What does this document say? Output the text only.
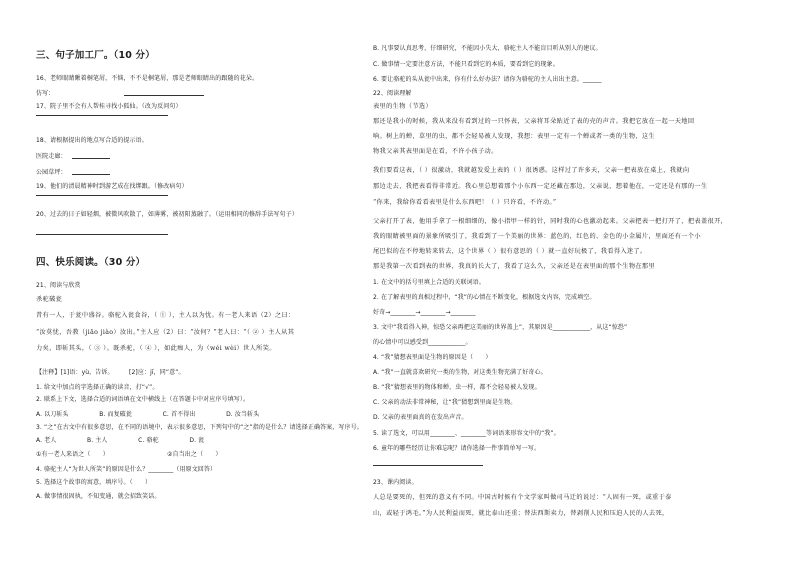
三、句子加工厂。（10 分）
16、老师眼睛瞅着桐笔屑，不恼，不不是桐笔屑，那是老师眼睛出的跟随的花朵。
仿写：
17、院子里不会有人帮桂寻找小狐仙。（改为反问句）
18、请根据提出的地点写合适的提示语。
医院走廊：
公园草坪：
19、他们的清晨精神时到游艺成在找绑跟。（修改病句）
20、过去的日子如轻烟，被微风吹散了，如薄雾，被初阳蒸融了。（运用相同的修辞手法写句子）
四、快乐阅读。（30 分）
21、阅读与欣赏
杀驼破瓮
昔有一人，于瓮中盛谷。骆驼入瓮食谷，（ ① ），主人以为忧。有一老人来语（2）之曰：
“汝莫忧，吾教（jiāo jiào）汝出。”主人应（2）曰：“汝何？”老人曰：“（ ② ）主人从其
力矣，即斩其头，（ ③ ）。既杀驼，（ ④ ），如此痴人，为（wéi wèi）世人所笑。
【注释】[1]语：yù，告诉。　　　[2]应：jī，同“意”。
1. 给文中加点的字选择正确的读音，打“√”。
2. 联系上下文，选择合适的词语填在文中横线上（在答题卡中对应序号填写）。
A. 以刀斩头　　　　　B. 而复破瓮　　　　　C. 首不得出　　　　　D. 汝当斩头
3. “之”在古文中有很多意思，在不同的语境中，表示很多意思，下列句中的“之”指的是什么？请选择正确答案，写序号。
A. 老人　　　　　B. 主人　　　　　C. 骆驼　　　　　D. 瓮
①有一老人来语之（　　）　　　　　　　　　　②自当出之（　　）
4. 骆驼主人“为世人所笑”的原因是什么？________（用原文回答）
5. 选择这个故事的寓意，填序号。（　　）
A. 做事情很固执，不知变通，就会招致笑话。
B. 凡事要认真思考，仔细研究，不能因小失大，骆驼主人不能盲目听从别人的建议。
C. 做事情一定要注意方法，不能只看到它的本质，要看到它的现象。
6. 要让骆驼的头从瓮中出来，你有什么好办法？请你为骆驼的主人出出主意。______
22、阅读理解
表里的生物（节选）
那还是我小的时候，我从来没有看到过的一只怀表，父亲将耳朵贴近了表的壳的声音。我把它放在一起一天地回
响。树上的蝉，草里的虫，都不会轻易被人发现，我想：表里一定有一个蝉或者一类的生物，这生
物我父亲其表里面是在看，不许小孩子动。
我们要看这表，（ ）很激动，我就越发爱上表的（ ）很诱惑。这样过了许多天，父亲一把表放在桌上，我就向
那边走去，我把表看得非常近。我心里总想着那个小东西一定还藏在那边，父亲说，想着他在，一定还是有那的一生
“你来，我给你看看表里是什么东西吧！（ ）只许看，不许动。”
父亲打开了表，他用手拿了一根细细的，像小指甲一样的针，同时我的心也激动起来。父亲把表一把打开了，把表盖很开，
我的眼睛被里面的景象所吸引了，我看到了一个美丽的世界：蓝色的，红色的、金色的小金属片，里面还有一个小
尾巴似的在不停地转来转去，这个世界（ ）很有意思的（ ）就一直好玩极了，我看得入迷了。
那是我第一次看到表的世界，我真的长大了，我看了这么久，父亲还是在表里面的那个生物在那里
1. 在文中的括号里填上合适的关联词语。
2. 在了解表里的真相过程中，“我”的心情在不断变化，根据选文内容，完成填空。
好奇→________→________→________
3. 文中“我看得入神，惊恐父亲再把这美丽的世界盖上”，其原因是____________，从这“惊恐”
的心情中可以感受到____________。
4. “我”猜想表里面是生物的原因是（　　）
A. “我”一直就喜欢研究一类的生物，对这类生物充满了好奇心。
B. “我”猜想表里的物体和蝉、虫一样，都不会轻易被人发现。
C. 父亲的动法非常神秘，让“我”猜想到里面是生物。
D. 父亲的表里面真的在发出声音。
5. 读了选文，可以用________、________等词语来形容文中的“我”。
6. 童年的哪些经历让你难忘呢？请你选择一件事简单写一写。
23、课内阅读。
人总是要死的，但死的意义有不同。中国古时候有个文学家叫做司马迁的说过：“人固有一死，或重于泰
山，或轻于鸿毛。”为人民利益而死，就比泰山还重；替法西斯卖力，替剥削人民和压迫人民的人去死，
